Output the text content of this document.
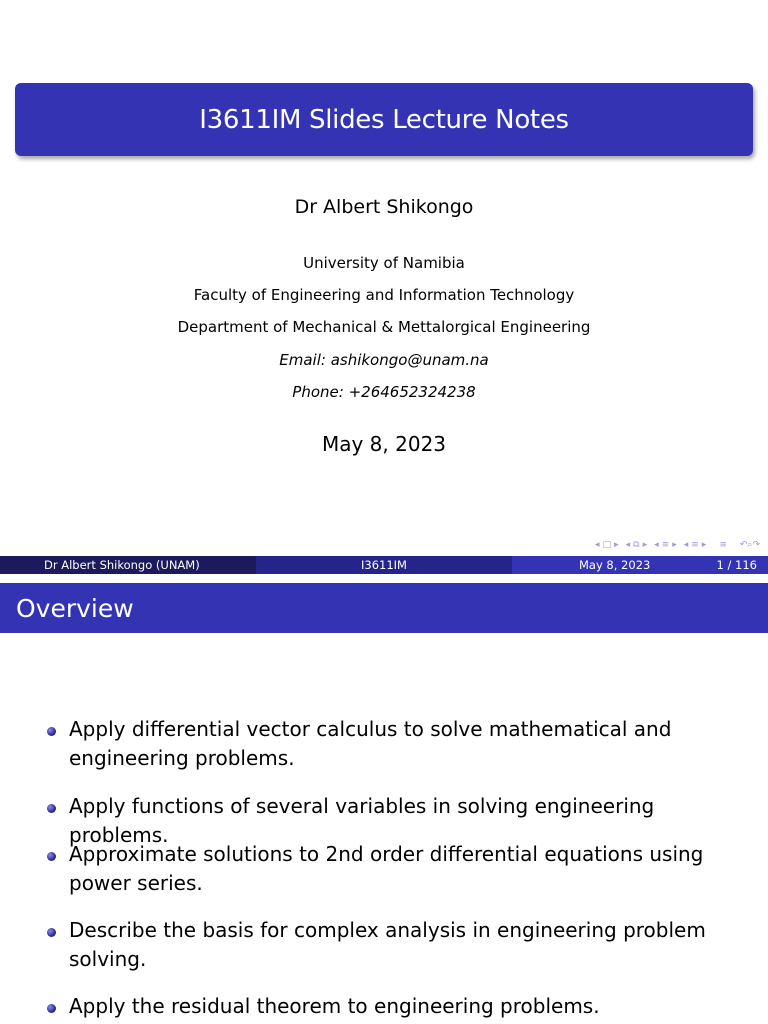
I3611IM Slides Lecture Notes
Dr Albert Shikongo
University of Namibia
Faculty of Engineering and Information Technology
Department of Mechanical & Mettalorgical Engineering
Email: ashikongo@unam.na
Phone: +264652324238
May 8, 2023
◂ □ ▸ ◂ ⧉ ▸ ◂ ≡ ▸ ◂ ≡ ▸ ≡ ↶⌕↷
Dr Albert Shikongo (UNAM)	I3611IM	May 8, 2023	1 / 116
Overview
Apply differential vector calculus to solve mathematical and engineering problems.
Apply functions of several variables in solving engineering problems.
Approximate solutions to 2nd order differential equations using power series.
Describe the basis for complex analysis in engineering problem solving.
Apply the residual theorem to engineering problems.
